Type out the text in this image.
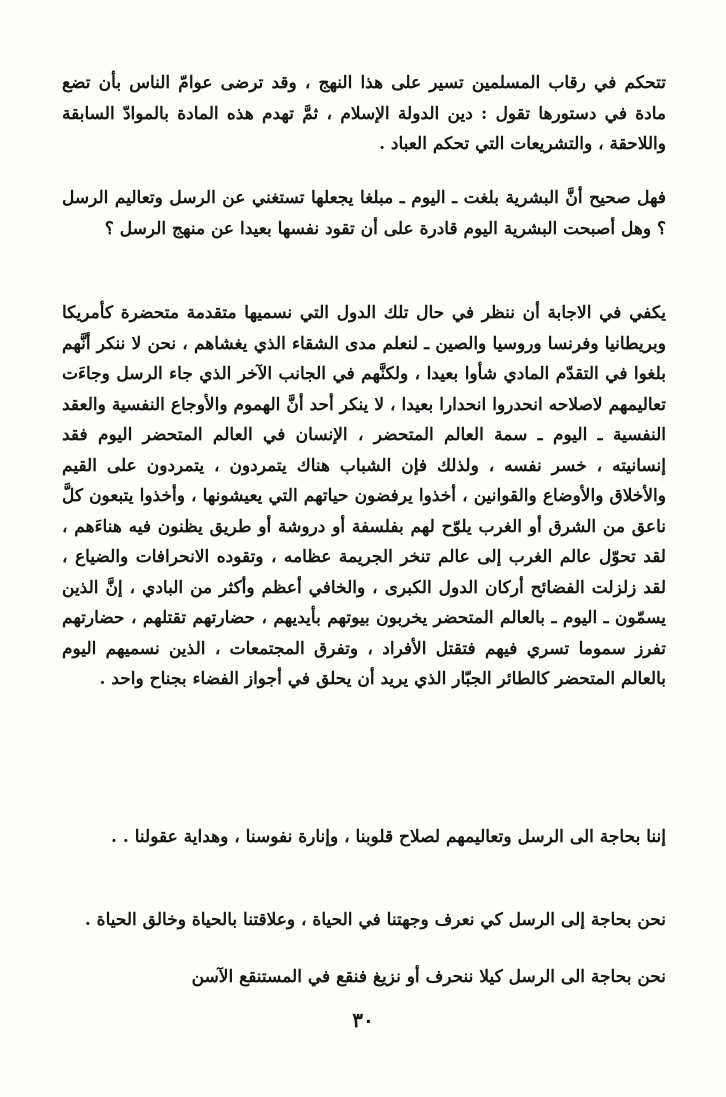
تتحكم في رقاب المسلمين تسير على هذا النهج ، وقد ترضى عوامّ الناس بأن تضع مادة في دستورها تقول : دين الدولة الإسلام ، ثمَّ تهدم هذه المادة بالموادّ السابقة واللاحقة ، والتشريعات التي تحكم العباد .
فهل صحيح أنَّ البشرية بلغت ـ اليوم ـ مبلغا يجعلها تستغني عن الرسل وتعاليم الرسل ؟ وهل أصبحت البشرية اليوم قادرة على أن تقود نفسها بعيدا عن منهج الرسل ؟
يكفي في الاجابة أن ننظر في حال تلك الدول التي نسميها متقدمة متحضرة كأمريكا وبريطانيا وفرنسا وروسيا والصين ـ لنعلم مدى الشقاء الذي يغشاهم ، نحن لا ننكر أنَّهم بلغوا في التقدّم المادي شأوا بعيدا ، ولكنَّهم في الجانب الآخر الذي جاء الرسل وجاءَت تعاليمهم لاصلاحه انحدروا انحدارا بعيدا ، لا ينكر أحد أنَّ الهموم والأوجاع النفسية والعقد النفسية ـ اليوم ـ سمة العالم المتحضر ، الإنسان في العالم المتحضر اليوم فقد إنسانيته ، خسر نفسه ، ولذلك فإن الشباب هناك يتمردون ، يتمردون على القيم والأخلاق والأوضاع والقوانين ، أخذوا يرفضون حياتهم التي يعيشونها ، وأخذوا يتبعون كلَّ ناعق من الشرق أو الغرب يلوّح لهم بفلسفة أو دروشة أو طريق يظنون فيه هناءَهم ، لقد تحوّل عالم الغرب إلى عالم تنخر الجريمة عظامه ، وتقوده الانحرافات والضياع ، لقد زلزلت الفضائح أركان الدول الكبرى ، والخافي أعظم وأكثر من البادي ، إنَّ الذين يسمّون ـ اليوم ـ بالعالم المتحضر يخربون بيوتهم بأيديهم ، حضارتهم تقتلهم ، حضارتهم تفرز سموما تسري فيهم فتقتل الأفراد ، وتفرق المجتمعات ، الذين نسميهم اليوم بالعالم المتحضر كالطائر الجبّار الذي يريد أن يحلق في أجواز الفضاء بجناح واحد .
إننا بحاجة الى الرسل وتعاليمهم لصلاح قلوبنا ، وإنارة نفوسنا ، وهداية عقولنا . .
نحن بحاجة إلى الرسل كي نعرف وجهتنا في الحياة ، وعلاقتنا بالحياة وخالق الحياة .
نحن بحاجة الى الرسل كيلا ننحرف أو نزيغ فنقع في المستنقع الآسن
٣٠
